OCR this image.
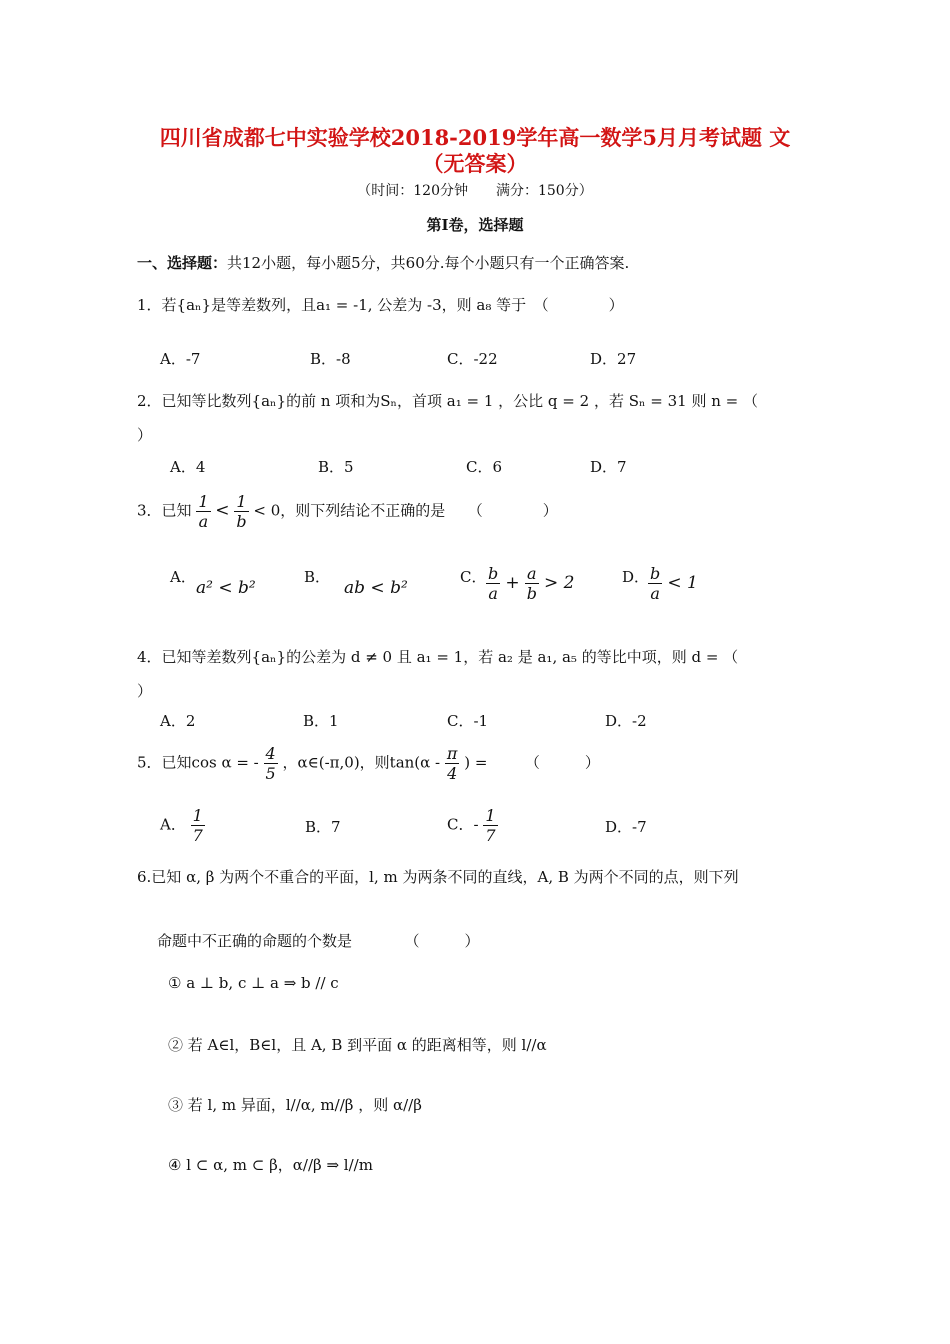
四川省成都七中实验学校2018-2019学年高一数学5月月考试题 文
（无答案）
（时间：120分钟　　满分：150分）
第Ⅰ卷，选择题
一、选择题：共12小题，每小题5分，共60分.每个小题只有一个正确答案.
1．若{aₙ}是等差数列，且a₁ = -1, 公差为 -3，则 a₈ 等于　（　　　　）
A．-7	B．-8	C．-22	D．27
2．已知等比数列{aₙ}的前 n 项和为Sₙ，首项 a₁ = 1 ，公比 q = 2 ，若 Sₙ = 31 则 n = （
）
A．4	B．5	C．6	D．7
3．已知 $\frac{1}{a} < \frac{1}{b} < 0$，则下列结论不正确的是　　（　　　　）
A．
a² < b²
B．
ab < b²
C． $\frac{b}{a} + \frac{a}{b} > 2$	D．
$\frac{b}{a} < 1$
4．已知等差数列{aₙ}的公差为 d ≠ 0 且 a₁ = 1，若 a₂ 是 a₁, a₅ 的等比中项，则 d = （
）
A．2	B．1	C．-1	D．-2
5．已知cos α = - $\frac{4}{5}$ ，α∈(-π,0)，则$\tan(\alpha - \frac{\pi}{4}$ ) =　　　（　　　）
A． $\frac{1}{7}$	B．7	C．- $\frac{1}{7}$	D．-7
6.已知 α, β 为两个不重合的平面，l, m 为两条不同的直线，A, B 为两个不同的点，则下列
命题中不正确的命题的个数是　　　　（　　　）
① a ⊥ b, c ⊥ a ⇒ b // c
② 若 A∈l，B∈l，且 A, B 到平面 α 的距离相等，则 l//α
③ 若 l, m 异面，l//α, m//β ，则 α//β
④ l ⊂ α, m ⊂ β，α//β ⇒ l//m
